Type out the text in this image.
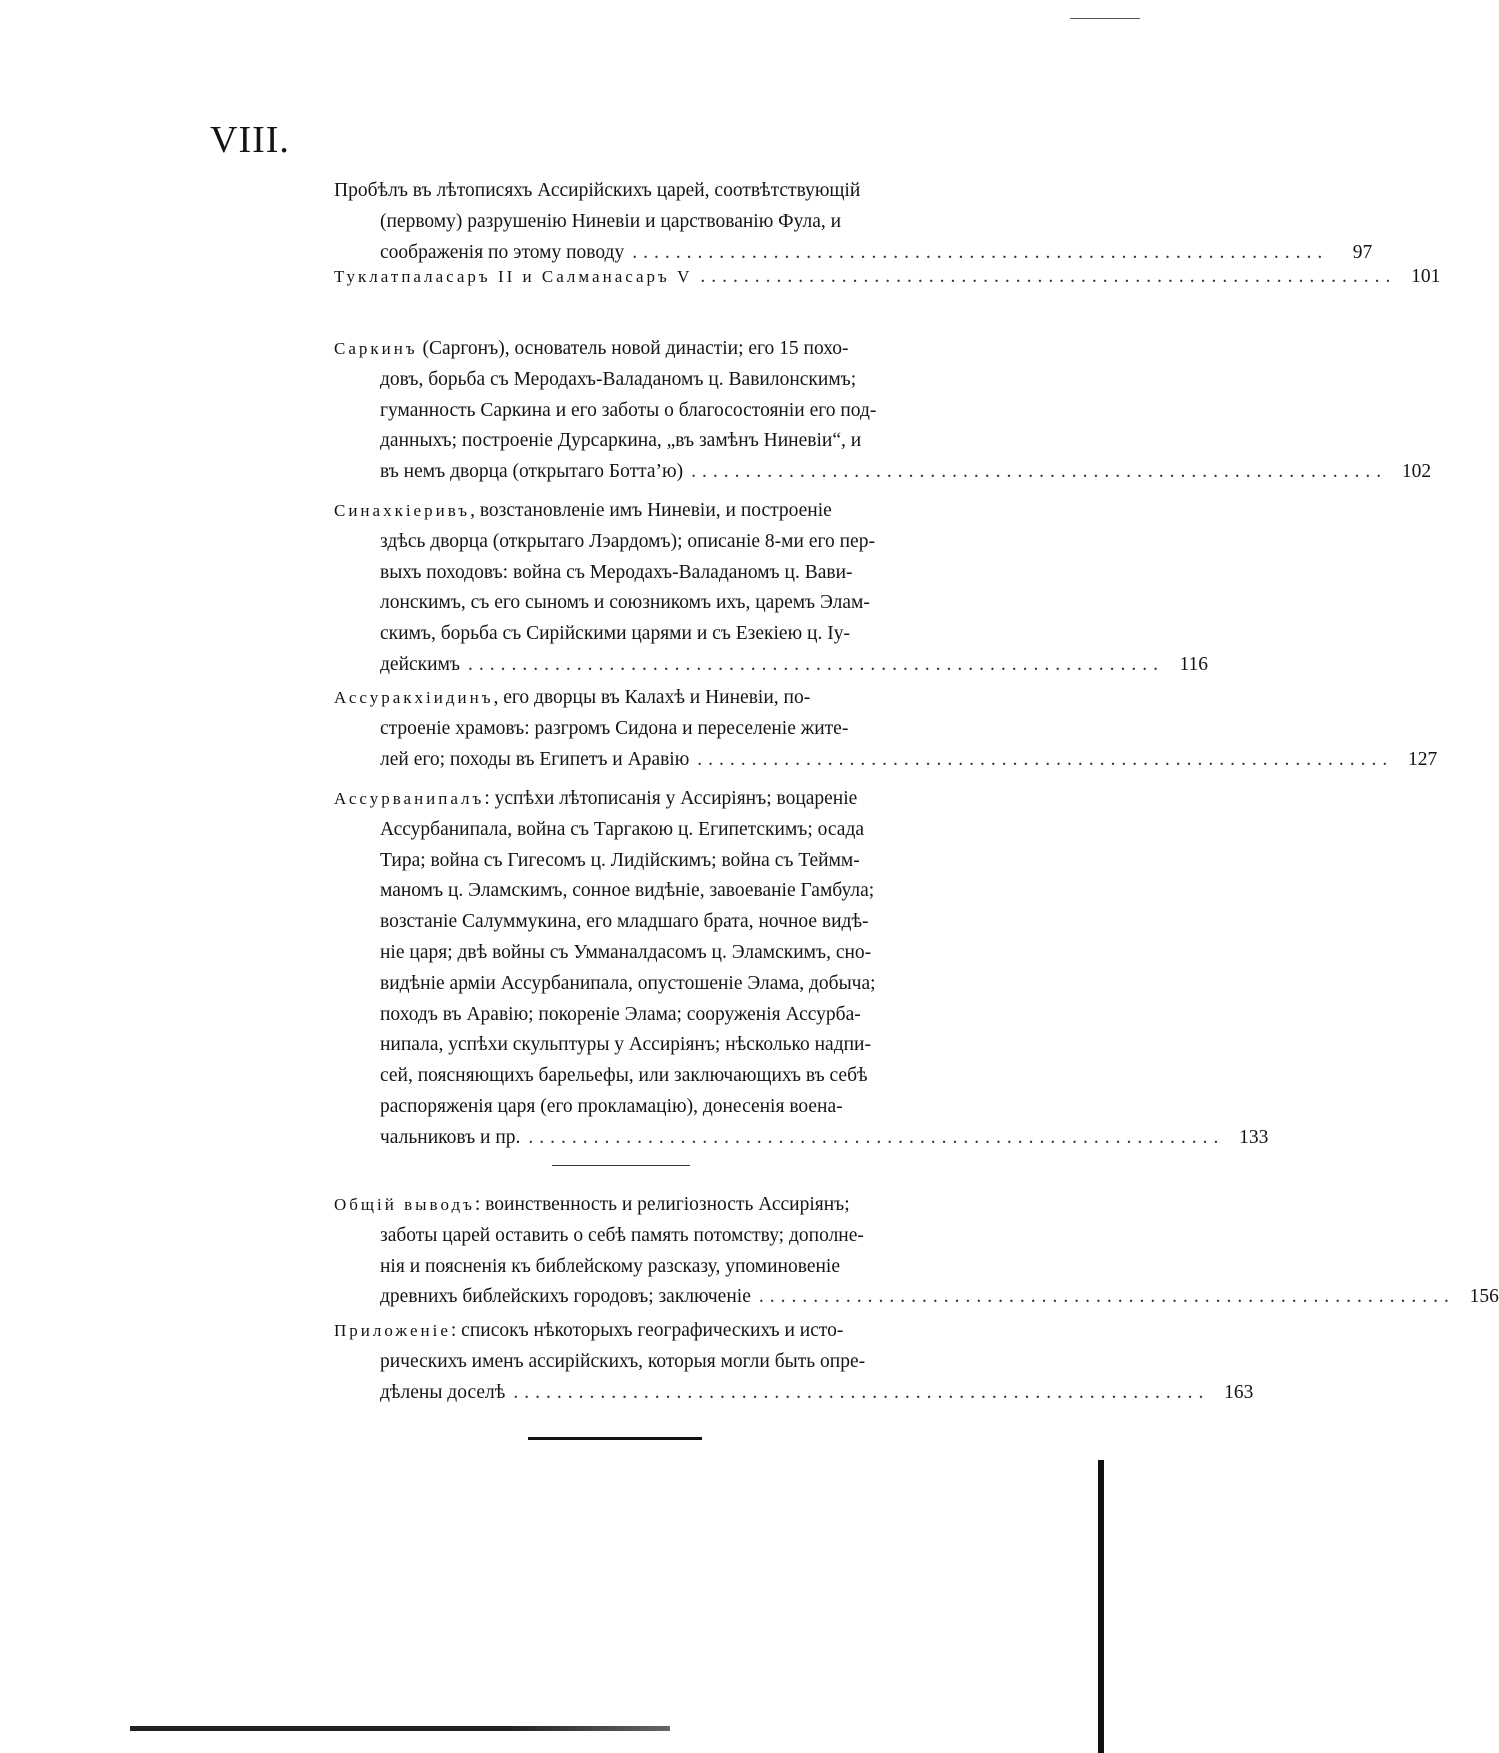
VIII.
Пробѣлъ въ лѣтописяхъ Ассирійскихъ царей, соотвѣтствующій
(первому) разрушенію Ниневіи и царствованію Фула, и
соображенія по этому поводу ................................................................	97
Туклатпаласаръ II и Салманасаръ V ................................................................ 101
Саркинъ (Саргонъ), основатель новой династіи; его 15 похо-
довъ, борьба съ Меродахъ-Валаданомъ ц. Вавилонскимъ;
гуманность Саркина и его заботы о благосостояніи его под-
данныхъ; построеніе Дурсаркина, „въ замѣнъ Ниневіи“, и
въ немъ дворца (открытаго Ботта’ю) ................................................................ 102
Синахкіеривъ, возстановленіе имъ Ниневіи, и построеніе
здѣсь дворца (открытаго Лэардомъ); описаніе 8-ми его пер-
выхъ походовъ: война съ Меродахъ-Валаданомъ ц. Вави-
лонскимъ, съ его сыномъ и союзникомъ ихъ, царемъ Элам-
скимъ, борьба съ Сирійскими царями и съ Езекіею ц. Іу-
дейскимъ ................................................................ 116
Ассуракхіидинъ, его дворцы въ Калахѣ и Ниневіи, по-
строеніе храмовъ: разгромъ Сидона и переселеніе жите-
лей его; походы въ Египетъ и Аравію ................................................................ 127
Ассурванипалъ: успѣхи лѣтописанія у Ассиріянъ; воцареніе
Ассурбанипала, война съ Таргакою ц. Египетскимъ; осада
Тира; война съ Гигесомъ ц. Лидійскимъ; война съ Теймм-
маномъ ц. Эламскимъ, сонное видѣніе, завоеваніе Гамбула;
возстаніе Салуммукина, его младшаго брата, ночное видѣ-
ніе царя; двѣ войны съ Умманалдасомъ ц. Эламскимъ, сно-
видѣніе арміи Ассурбанипала, опустошеніе Элама, добыча;
походъ въ Аравію; покореніе Элама; сооруженія Ассурба-
нипала, успѣхи скульптуры у Ассиріянъ; нѣсколько надпи-
сей, поясняющихъ барельефы, или заключающихъ въ себѣ
распоряженія царя (его прокламацію), донесенія воена-
чальниковъ и пр. ................................................................ 133
Общій выводъ: воинственность и религіозность Ассиріянъ;
заботы царей оставить о себѣ память потомству; дополне-
нія и поясненія къ библейскому разсказу, упоминовеніе
древнихъ библейскихъ городовъ; заключеніе ................................................................ 156
Приложеніе: списокъ нѣкоторыхъ географическихъ и исто-
рическихъ именъ ассирійскихъ, которыя могли быть опре-
дѣлены доселѣ ................................................................ 163
